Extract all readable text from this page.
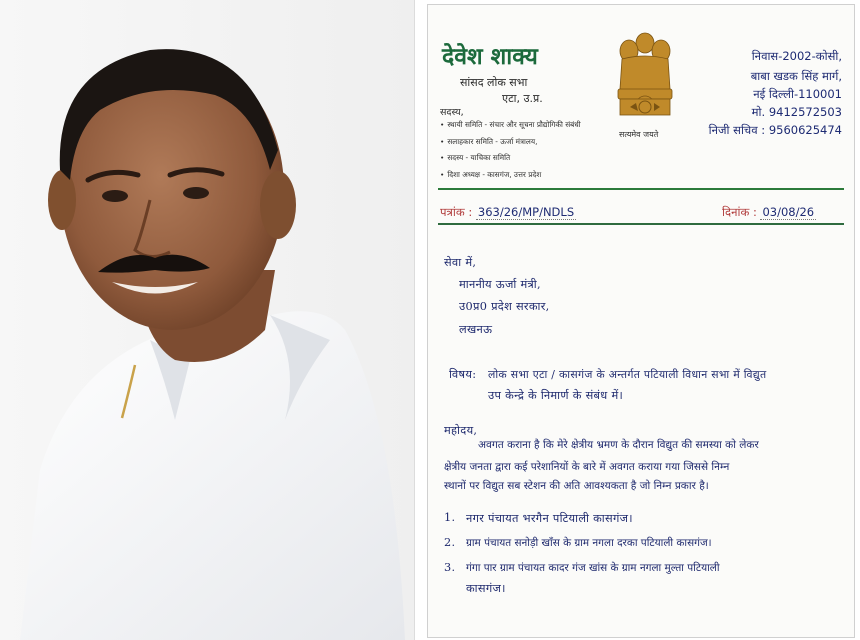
देवेश शाक्य
सांसद लोक सभा
एटा, उ.प्र.
सदस्य,
• स्थायी समिति - संचार और सूचना प्रौद्योगिकी संबंधी
• सलाहकार समिति - ऊर्जा मंत्रालय,
• सदस्य - याचिका समिति
• दिशा अध्यक्ष - कासगंज, उत्तर प्रदेश
सत्यमेव जयते
निवास-2002-कोसी,
बाबा खडक सिंह मार्ग,
नई दिल्ली-110001
मो. 9412572503
निजी सचिव : 9560625474
पत्रांक : 363/26/MP/NDLS	दिनांक : 03/08/26
सेवा में,
माननीय ऊर्जा मंत्री,
उ0प्र0 प्रदेश सरकार,
लखनऊ
विषय: लोक सभा एटा / कासगंज के अन्तर्गत पटियाली विधान सभा में विद्युत
उप केन्द्रे के निमार्ण के संबंध में।
महोदय,
अवगत कराना है कि मेरे क्षेत्रीय भ्रमण के दौरान विद्युत की समस्या को लेकर
क्षेत्रीय जनता द्वारा कई परेशानियों के बारे में अवगत कराया गया जिससे निम्न
स्थानों पर विद्युत सब स्टेशन की अति आवश्यकता है जो निम्न प्रकार है।
1. नगर पंचायत भरगैन पटियाली कासगंज।
2. ग्राम पंचायत सनोड़ी खाँस के ग्राम नगला दरका पटियाली कासगंज।
3. गंगा पार ग्राम पंचायत कादर गंज खांस के ग्राम नगला मुल्ता पटियाली
कासगंज।
